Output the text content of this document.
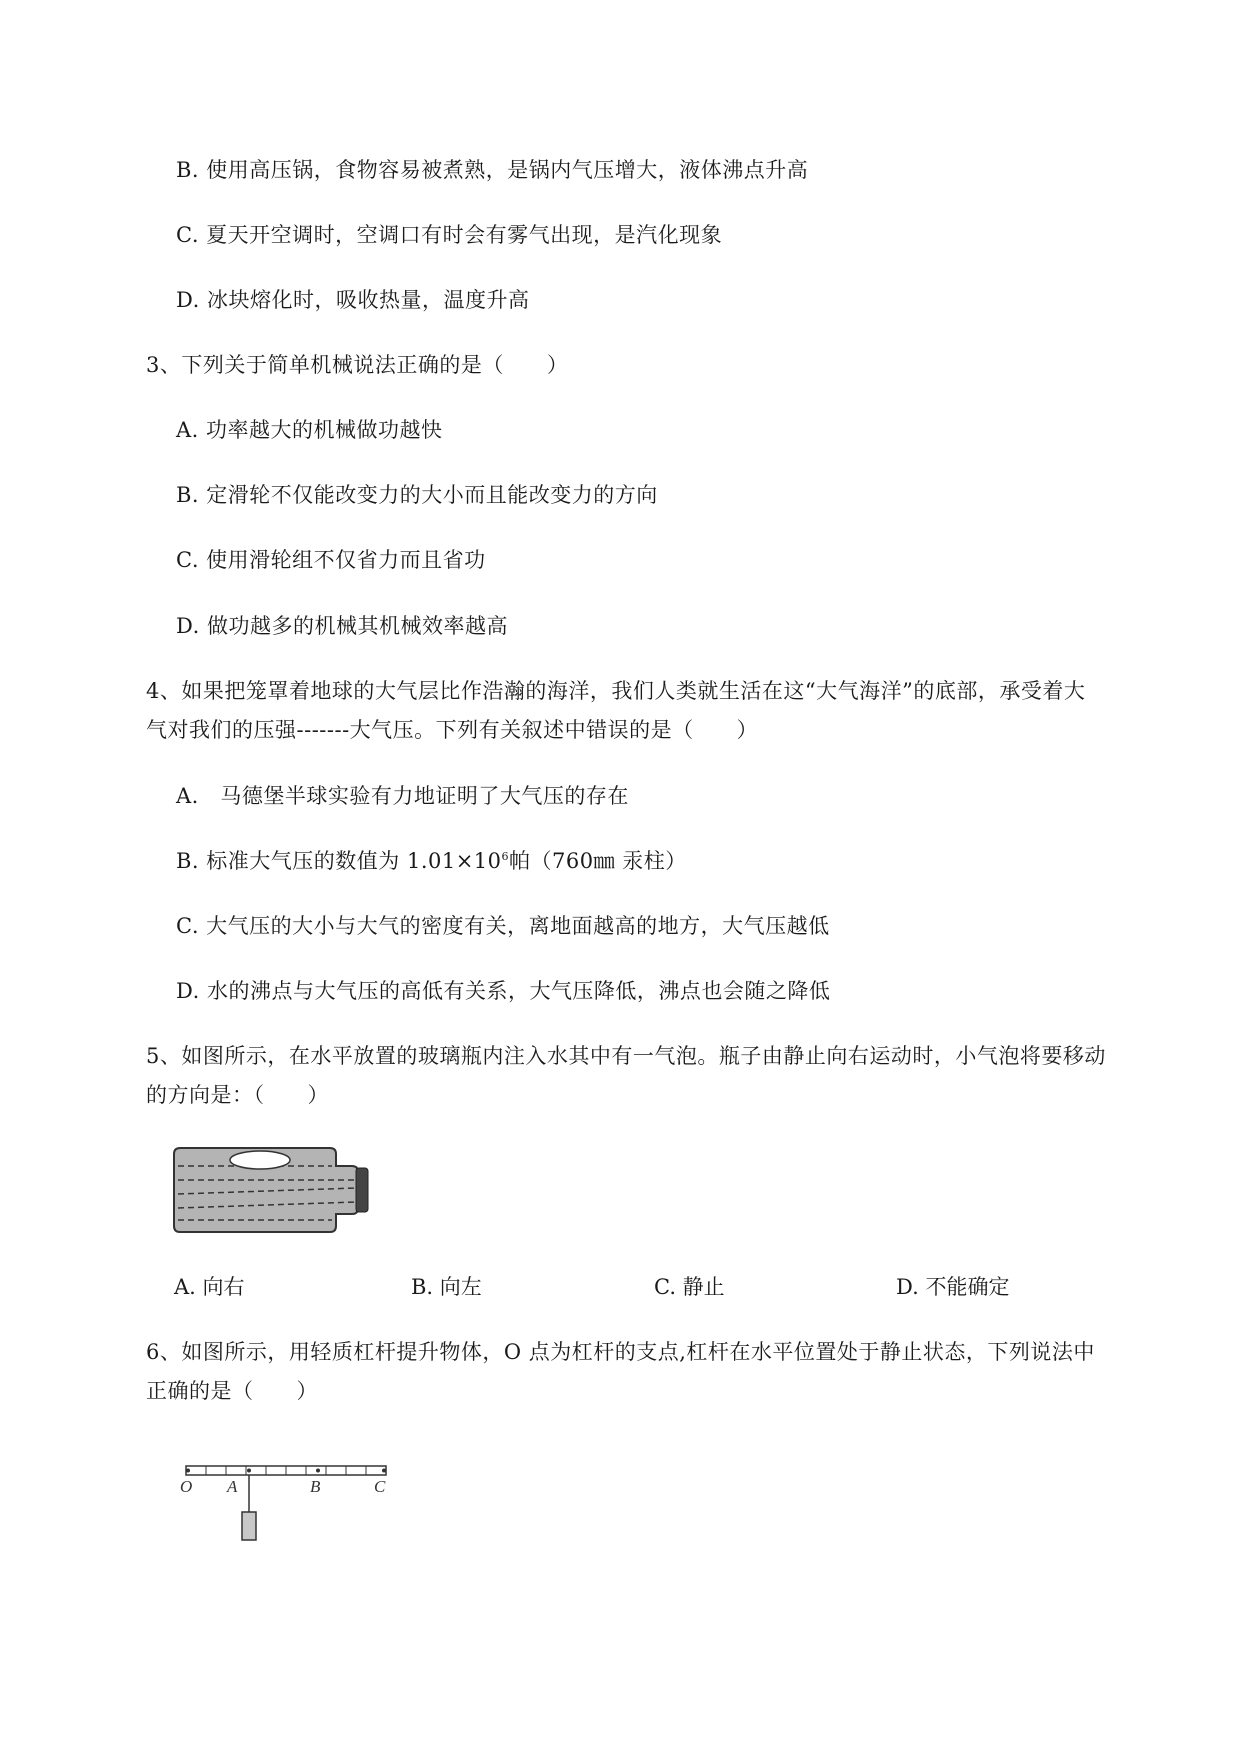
B. 使用高压锅，食物容易被煮熟，是锅内气压增大，液体沸点升高
C. 夏天开空调时，空调口有时会有雾气出现，是汽化现象
D. 冰块熔化时，吸收热量，温度升高
3、下列关于简单机械说法正确的是（　　）
A. 功率越大的机械做功越快
B. 定滑轮不仅能改变力的大小而且能改变力的方向
C. 使用滑轮组不仅省力而且省功
D. 做功越多的机械其机械效率越高
4、如果把笼罩着地球的大气层比作浩瀚的海洋，我们人类就生活在这“大气海洋”的底部，承受着大
气对我们的压强-------大气压。下列有关叙述中错误的是（　　）
A.　马德堡半球实验有力地证明了大气压的存在
B. 标准大气压的数值为 $1.01\times 10^6$帕（760㎜ 汞柱）
C. 大气压的大小与大气的密度有关，离地面越高的地方，大气压越低
D. 水的沸点与大气压的高低有关系，大气压降低，沸点也会随之降低
5、如图所示，在水平放置的玻璃瓶内注入水其中有一气泡。瓶子由静止向右运动时，小气泡将要移动
的方向是：（　　）
A. 向右	B. 向左	C. 静止	D. 不能确定
6、如图所示，用轻质杠杆提升物体，O 点为杠杆的支点,杠杆在水平位置处于静止状态，下列说法中
正确的是（　　）
O A	B	C
